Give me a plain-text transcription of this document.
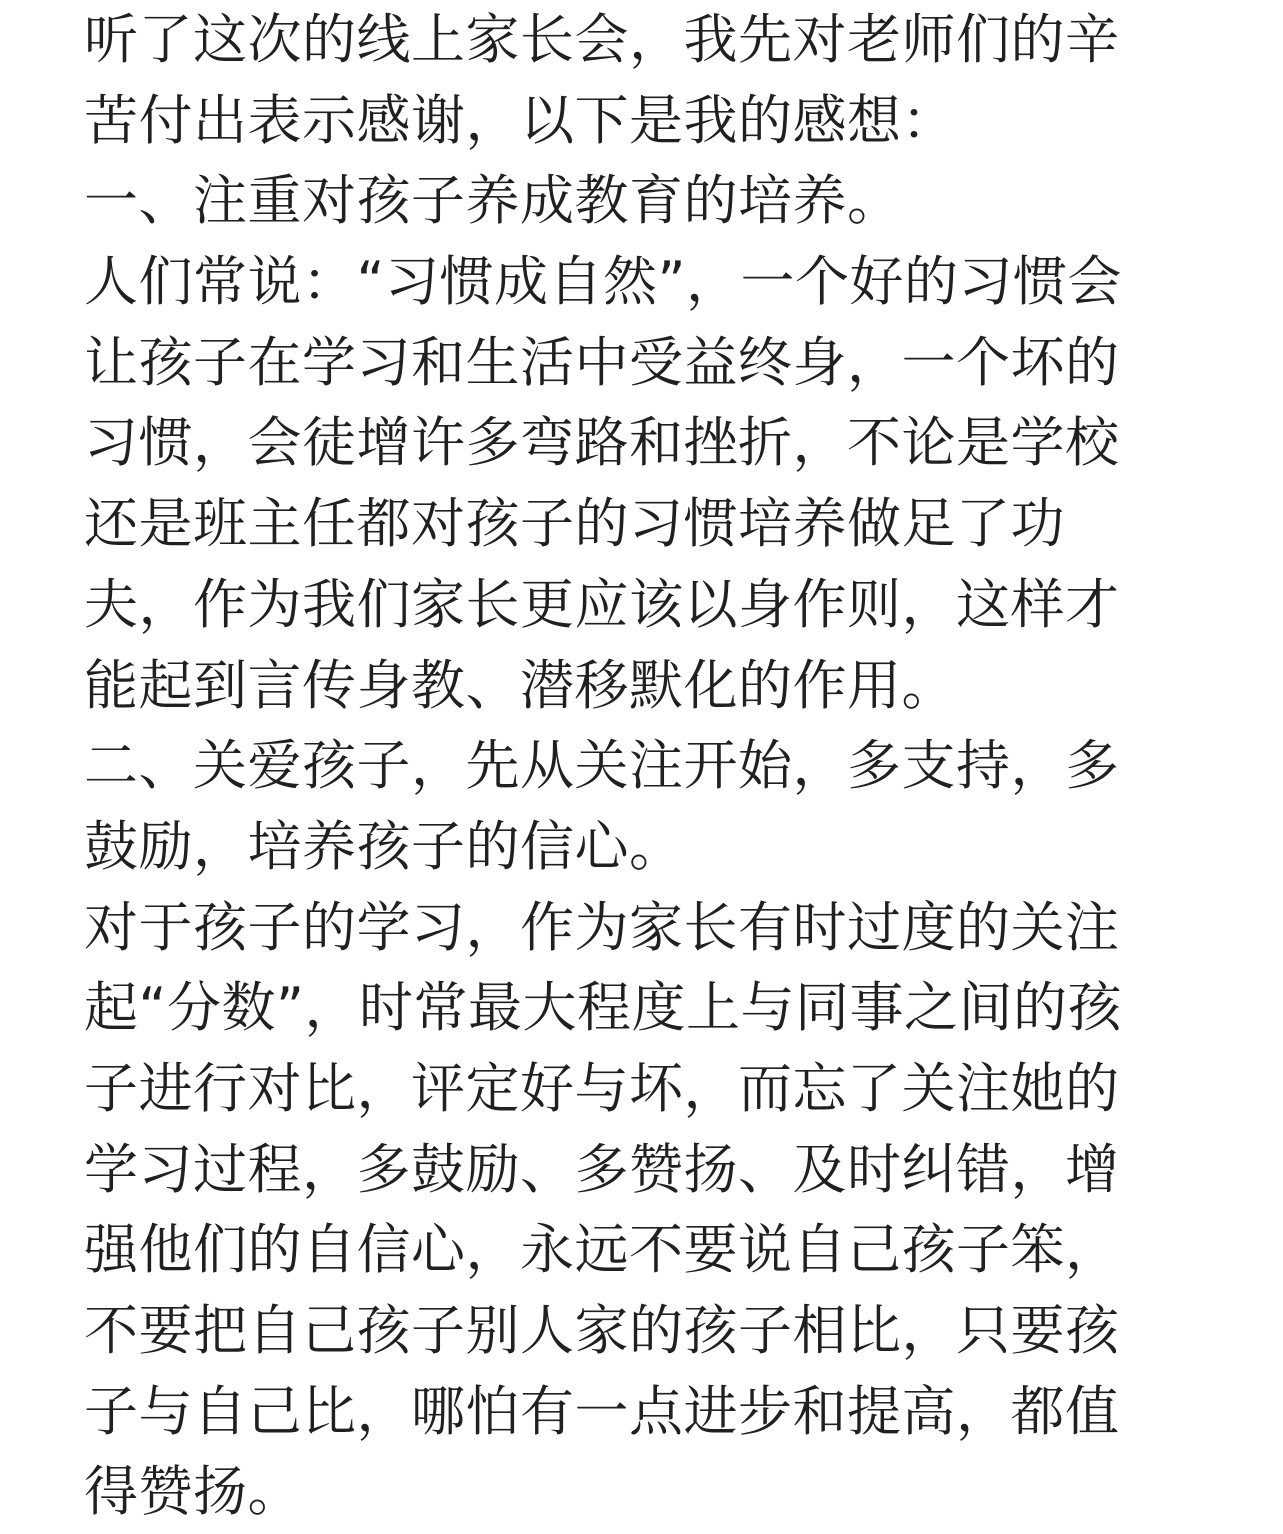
听了这次的线上家长会，我先对老师们的辛
苦付出表示感谢，以下是我的感想：
一、注重对孩子养成教育的培养。
人们常说：“习惯成自然”，一个好的习惯会
让孩子在学习和生活中受益终身，一个坏的
习惯，会徒增许多弯路和挫折，不论是学校
还是班主任都对孩子的习惯培养做足了功
夫，作为我们家长更应该以身作则，这样才
能起到言传身教、潜移默化的作用。
二、关爱孩子，先从关注开始，多支持，多
鼓励，培养孩子的信心。
对于孩子的学习，作为家长有时过度的关注
起“分数”，时常最大程度上与同事之间的孩
子进行对比，评定好与坏，而忘了关注她的
学习过程，多鼓励、多赞扬、及时纠错，增
强他们的自信心，永远不要说自己孩子笨，
不要把自己孩子别人家的孩子相比，只要孩
子与自己比，哪怕有一点进步和提高，都值
得赞扬。
